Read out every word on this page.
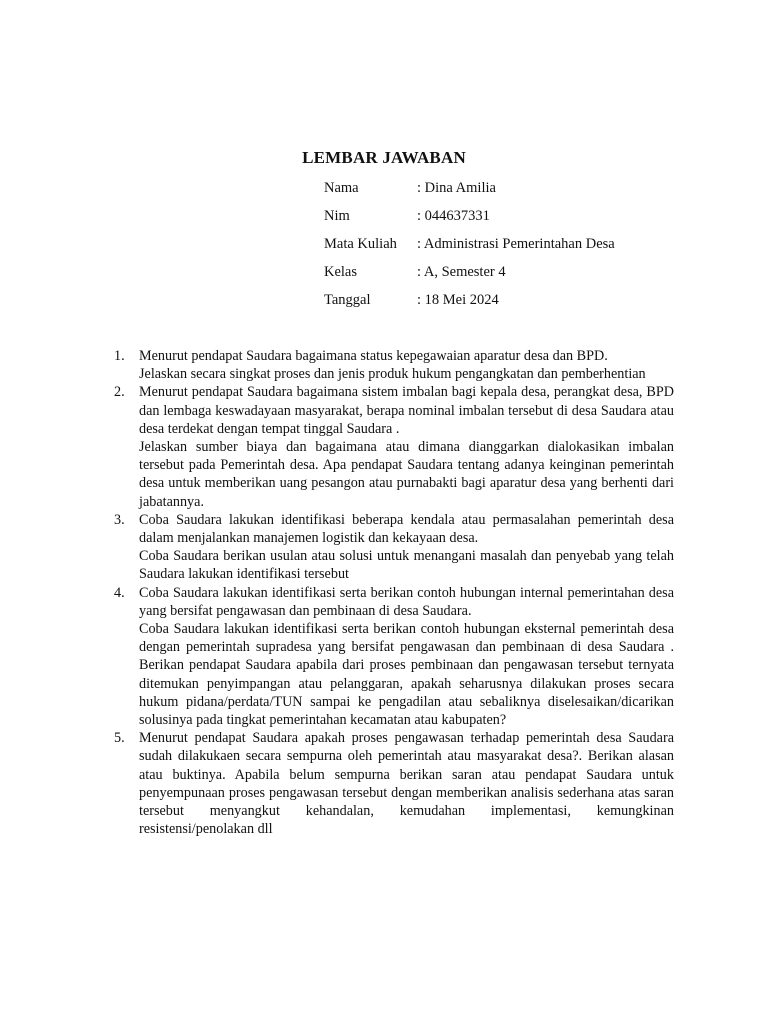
LEMBAR JAWABAN
Nama	: Dina Amilia
Nim	: 044637331
Mata Kuliah	: Administrasi Pemerintahan Desa
Kelas	: A, Semester 4
Tanggal	: 18 Mei 2024
1.	Menurut pendapat Saudara bagaimana status kepegawaian aparatur desa dan BPD.

Jelaskan secara singkat proses dan jenis produk hukum pengangkatan dan pemberhentian

2.	Menurut pendapat Saudara bagaimana sistem imbalan bagi kepala desa, perangkat desa, BPD dan lembaga keswadayaan masyarakat, berapa nominal imbalan tersebut di desa Saudara atau desa terdekat dengan tempat tinggal Saudara .

Jelaskan sumber biaya dan bagaimana atau dimana dianggarkan dialokasikan imbalan tersebut pada Pemerintah desa. Apa pendapat Saudara tentang adanya keinginan pemerintah desa untuk memberikan uang pesangon atau purnabakti bagi aparatur desa yang berhenti dari jabatannya.

3.	Coba Saudara lakukan identifikasi beberapa kendala atau permasalahan pemerintah desa dalam menjalankan manajemen logistik dan kekayaan desa.

Coba Saudara berikan usulan atau solusi untuk menangani masalah dan penyebab yang telah Saudara lakukan identifikasi tersebut

4.	Coba Saudara lakukan identifikasi serta berikan contoh hubungan internal pemerintahan desa yang bersifat pengawasan dan pembinaan di desa Saudara.

Coba Saudara lakukan identifikasi serta berikan contoh hubungan eksternal pemerintah desa dengan pemerintah supradesa yang bersifat pengawasan dan pembinaan di desa Saudara . Berikan pendapat Saudara apabila dari proses pembinaan dan pengawasan tersebut ternyata ditemukan penyimpangan atau pelanggaran, apakah seharusnya dilakukan proses secara hukum pidana/perdata/TUN sampai ke pengadilan atau sebaliknya diselesaikan/dicarikan solusinya pada tingkat pemerintahan kecamatan atau kabupaten?

5.	Menurut pendapat Saudara apakah proses pengawasan terhadap pemerintah desa Saudara sudah dilakukaen secara sempurna oleh pemerintah atau masyarakat desa?. Berikan alasan atau buktinya. Apabila belum sempurna berikan saran atau pendapat Saudara untuk penyempunaan proses pengawasan tersebut dengan memberikan analisis sederhana atas saran tersebut menyangkut kehandalan, kemudahan implementasi, kemungkinan resistensi/penolakan dll
